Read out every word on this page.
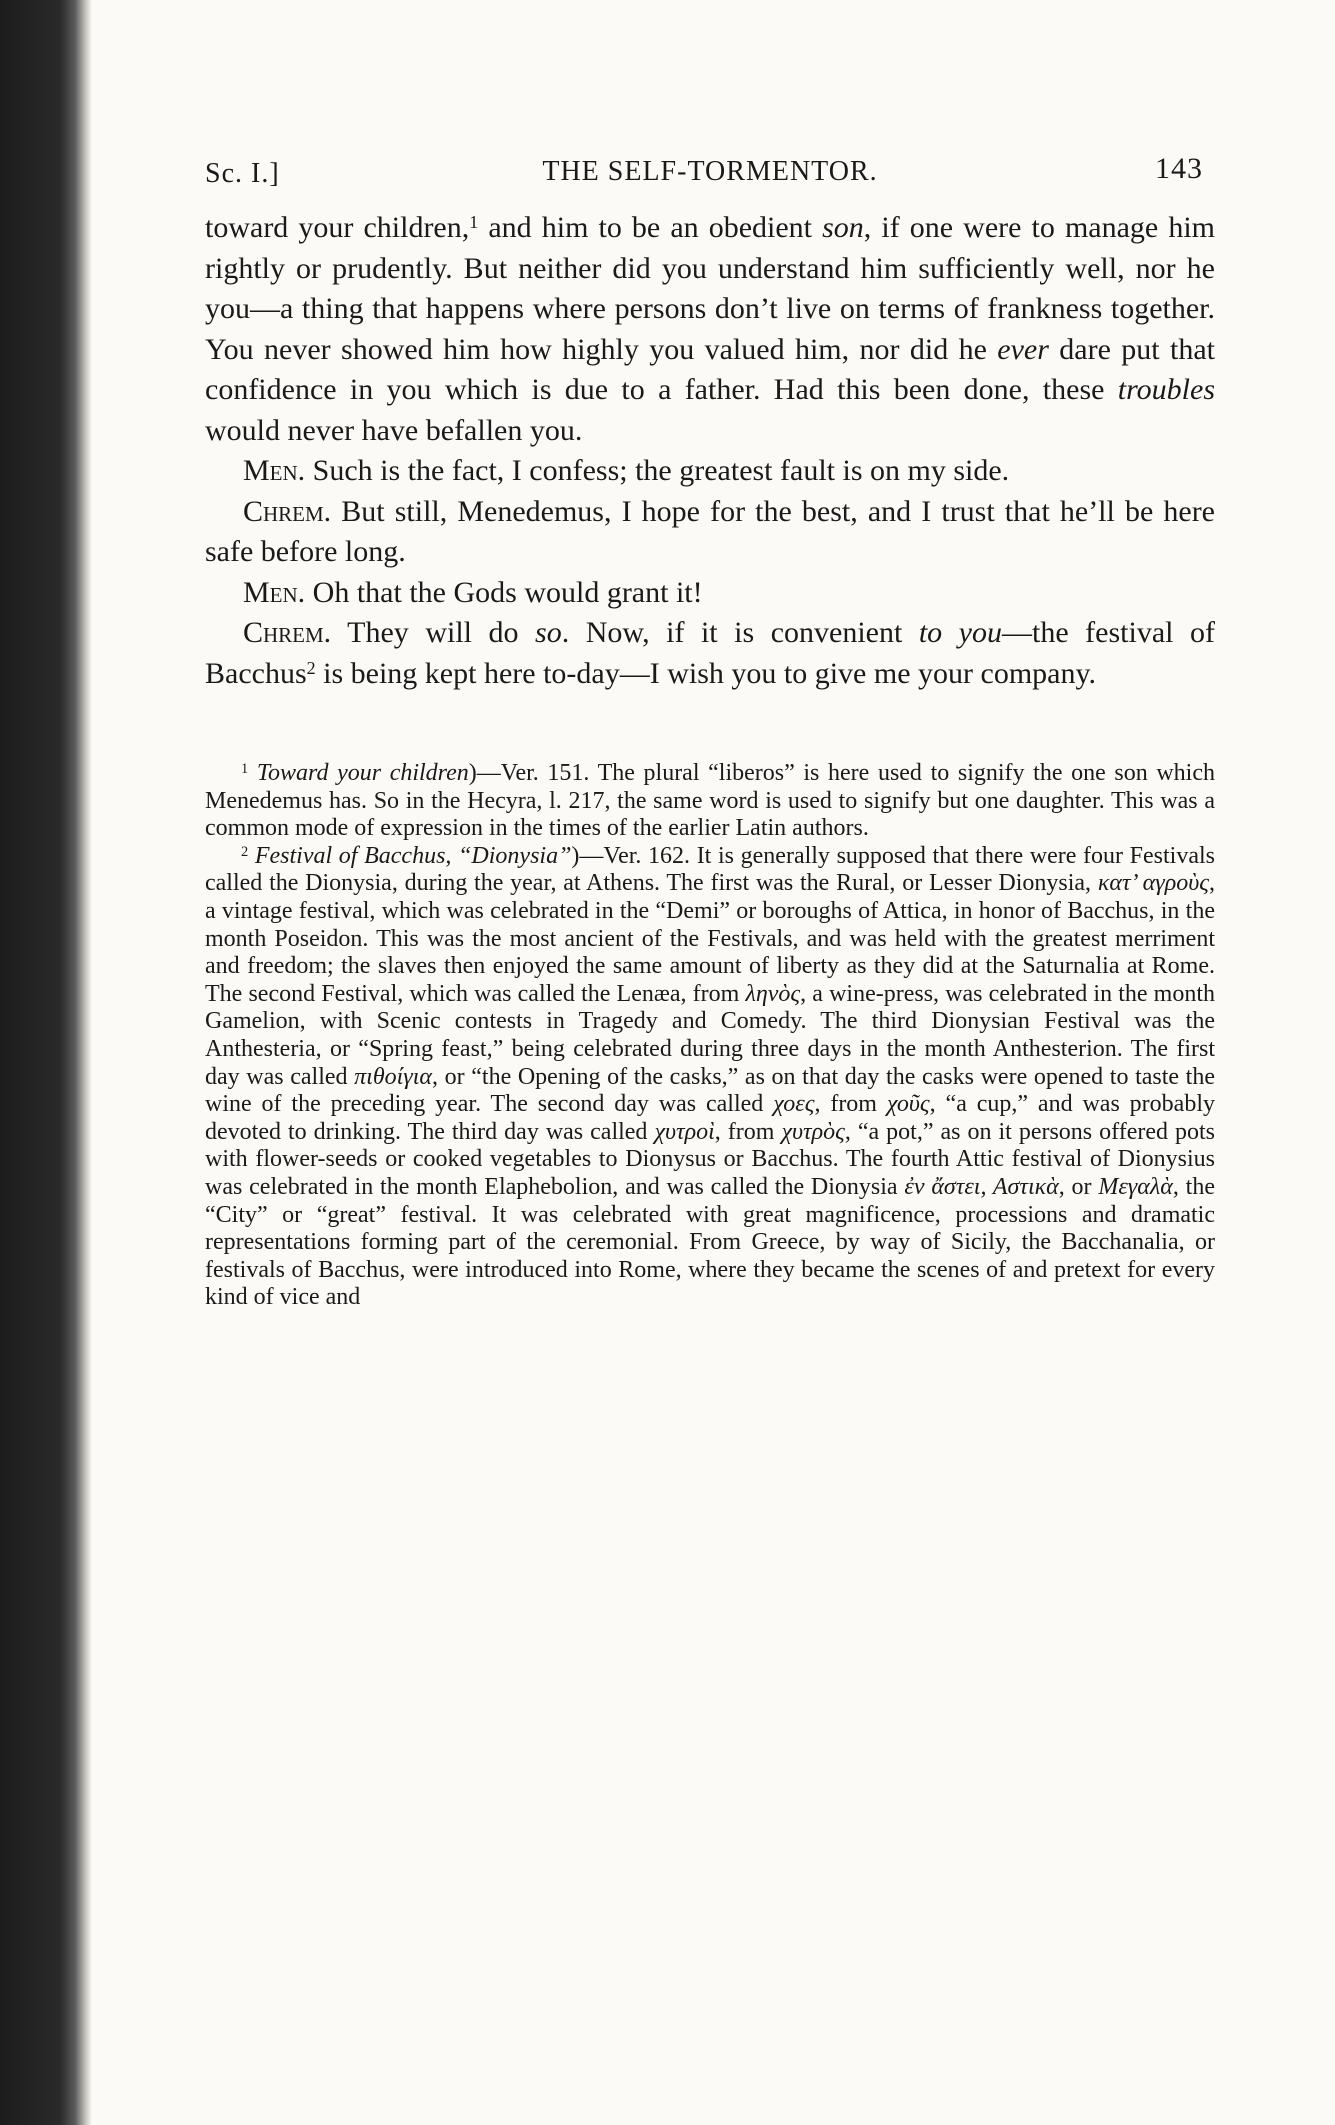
Sc. I.]	THE SELF-TORMENTOR.	143

toward your children,$^1$ and him to be an obedient son, if one were to manage him rightly or prudently. But neither did you understand him sufficiently well, nor he you—a thing that happens where persons don’t live on terms of frankness together. You never showed him how highly you valued him, nor did he ever dare put that confidence in you which is due to a father. Had this been done, these troubles would never have befallen you.

Men. Such is the fact, I confess; the greatest fault is on my side.

Chrem. But still, Menedemus, I hope for the best, and I trust that he’ll be here safe before long.

Men. Oh that the Gods would grant it!

Chrem. They will do so. Now, if it is convenient to you—the festival of Bacchus$^2$ is being kept here to-day—I wish you to give me your company.

$^1$ Toward your children)—Ver. 151. The plural “liberos” is here used to signify the one son which Menedemus has. So in the Hecyra, l. 217, the same word is used to signify but one daughter. This was a common mode of expression in the times of the earlier Latin authors.

$^2$ Festival of Bacchus, “Dionysia”)—Ver. 162. It is generally supposed that there were four Festivals called the Dionysia, during the year, at Athens. The first was the Rural, or Lesser Dionysia, κατ’ αγροὺς, a vintage festival, which was celebrated in the “Demi” or boroughs of Attica, in honor of Bacchus, in the month Poseidon. This was the most ancient of the Festivals, and was held with the greatest merriment and freedom; the slaves then enjoyed the same amount of liberty as they did at the Saturnalia at Rome. The second Festival, which was called the Lenæa, from ληνὸς, a wine-press, was celebrated in the month Gamelion, with Scenic contests in Tragedy and Comedy. The third Dionysian Festival was the Anthesteria, or “Spring feast,” being celebrated during three days in the month Anthesterion. The first day was called πιθοίγια, or “the Opening of the casks,” as on that day the casks were opened to taste the wine of the preceding year. The second day was called χοες, from χοῦς, “a cup,” and was probably devoted to drinking. The third day was called χυτροὶ, from χυτρὸς, “a pot,” as on it persons offered pots with flower-seeds or cooked vegetables to Dionysus or Bacchus. The fourth Attic festival of Dionysius was celebrated in the month Elaphebolion, and was called the Dionysia ἐν ἄστει, Αστικὰ, or Μεγαλὰ, the “City” or “great” festival. It was celebrated with great magnificence, processions and dramatic representations forming part of the ceremonial. From Greece, by way of Sicily, the Bacchanalia, or festivals of Bacchus, were introduced into Rome, where they became the scenes of and pretext for every kind of vice and
